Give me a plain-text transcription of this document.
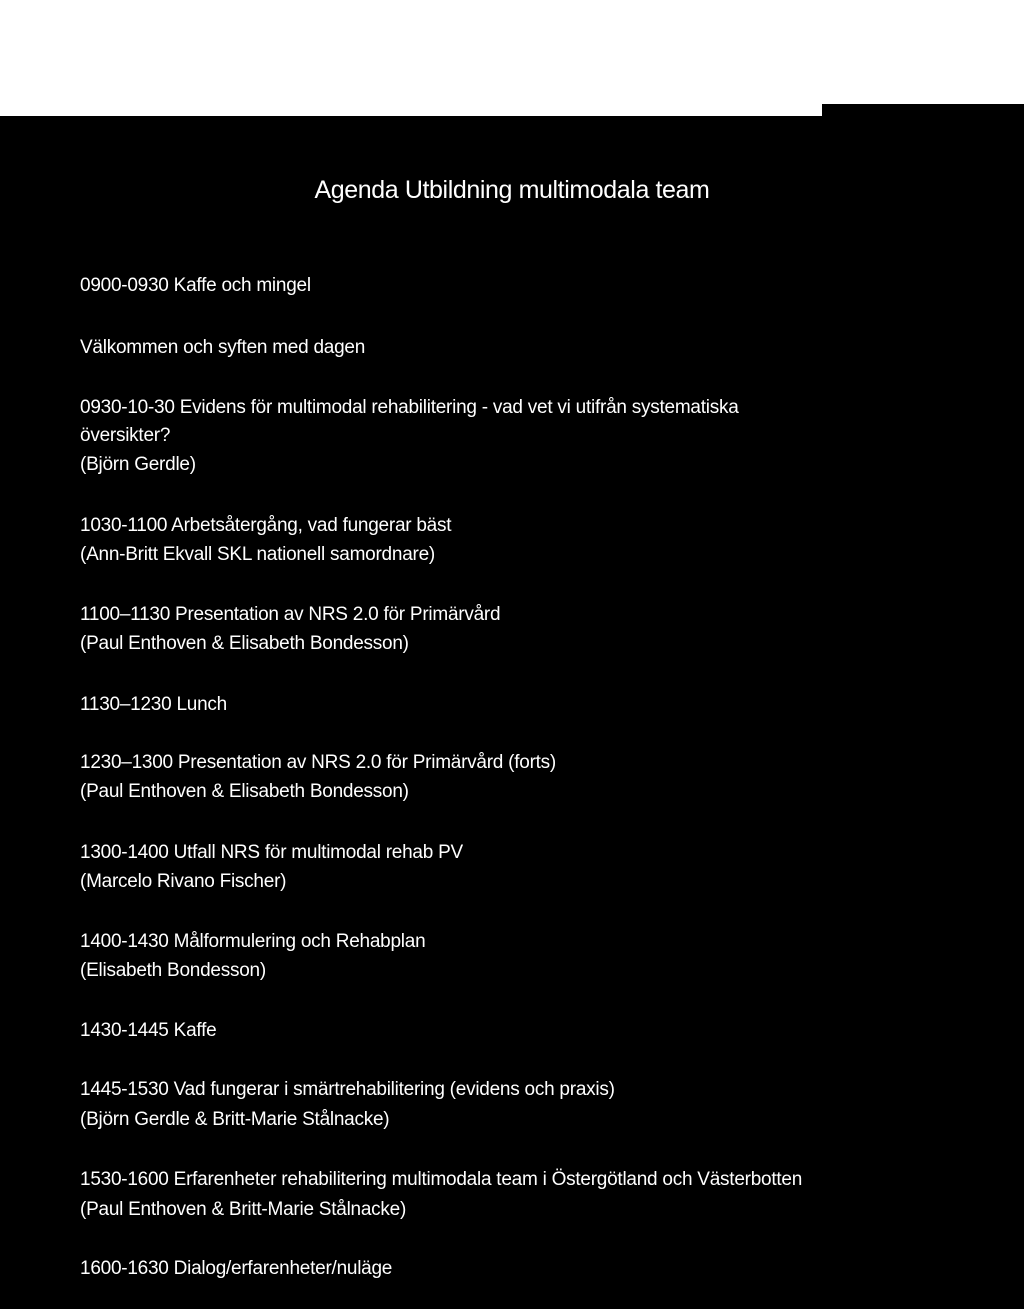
Agenda Utbildning multimodala team
0900-0930 Kaffe och mingel
Välkommen och syften med dagen
0930-10-30 Evidens för multimodal rehabilitering - vad vet vi utifrån systematiska
översikter?
(Björn Gerdle)
1030-1100 Arbetsåtergång, vad fungerar bäst
(Ann-Britt Ekvall SKL nationell samordnare)
1100–1130 Presentation av NRS 2.0 för Primärvård
(Paul Enthoven & Elisabeth Bondesson)
1130–1230 Lunch
1230–1300 Presentation av NRS 2.0 för Primärvård (forts)
(Paul Enthoven & Elisabeth Bondesson)
1300-1400 Utfall NRS för multimodal rehab PV
(Marcelo Rivano Fischer)
1400-1430 Målformulering och Rehabplan
(Elisabeth Bondesson)
1430-1445 Kaffe
1445-1530 Vad fungerar i smärtrehabilitering (evidens och praxis)
(Björn Gerdle & Britt-Marie Stålnacke)
1530-1600 Erfarenheter rehabilitering multimodala team i Östergötland och Västerbotten
(Paul Enthoven & Britt-Marie Stålnacke)
1600-1630 Dialog/erfarenheter/nuläge
